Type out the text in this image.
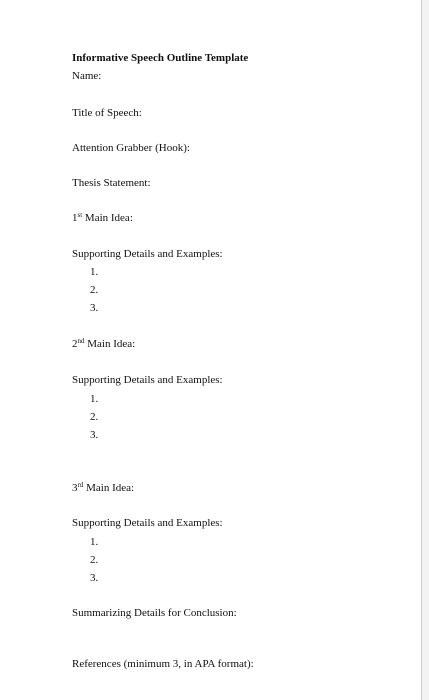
Informative Speech Outline Template
Name:
Title of Speech:
Attention Grabber (Hook):
Thesis Statement:
1st Main Idea:
Supporting Details and Examples:
1.
2.
3.
2nd Main Idea:
Supporting Details and Examples:
1.
2.
3.
3rd Main Idea:
Supporting Details and Examples:
1.
2.
3.
Summarizing Details for Conclusion:
References (minimum 3, in APA format):
